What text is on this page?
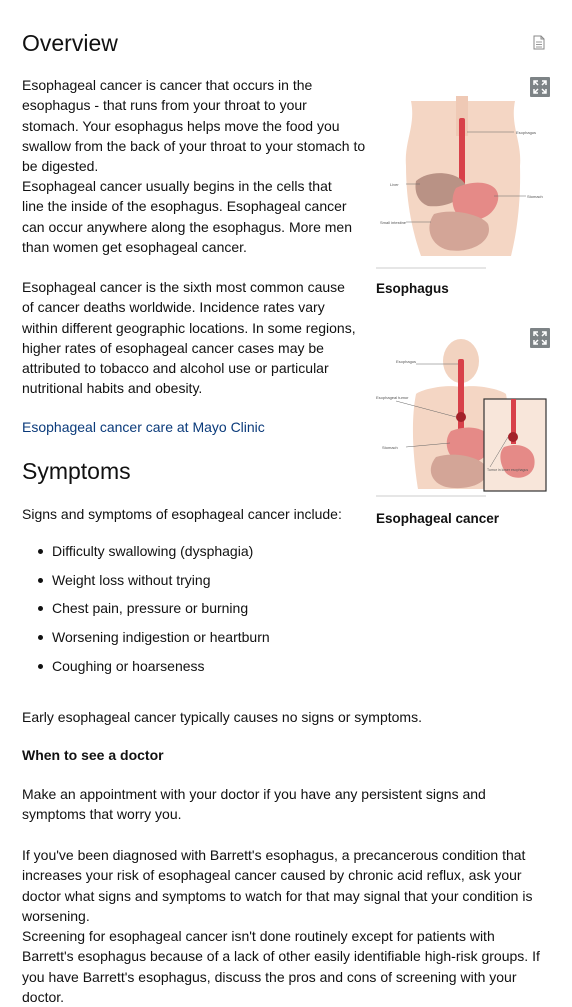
Overview

Esophageal cancer is cancer that occurs in the esophagus - that runs from your throat to your stomach. Your esophagus helps move the food you swallow from the back of your throat to your stomach to be digested.

Esophageal cancer usually begins in the cells that line the inside of the esophagus. Esophageal cancer can occur anywhere along the esophagus. More men than women get esophageal cancer.

Esophageal cancer is the sixth most common cause of cancer deaths worldwide. Incidence rates vary within different geographic locations. In some regions, higher rates of esophageal cancer cases may be attributed to tobacco and alcohol use or particular nutritional habits and obesity.

Esophageal cancer care at Mayo Clinic
Symptoms

Signs and symptoms of esophageal cancer include:

Difficulty swallowing (dysphagia)
Weight loss without trying
Chest pain, pressure or burning
Worsening indigestion or heartburn
Coughing or hoarseness

Early esophageal cancer typically causes no signs or symptoms.

When to see a doctor

Make an appointment with your doctor if you have any persistent signs and symptoms that worry you.

If you've been diagnosed with Barrett's esophagus, a precancerous condition that increases your risk of esophageal cancer caused by chronic acid reflux, ask your doctor what signs and symptoms to watch for that may signal that your condition is worsening.

Screening for esophageal cancer isn't done routinely except for patients with Barrett's esophagus because of a lack of other easily identifiable high-risk groups. If you have Barrett's esophagus, discuss the pros and cons of screening with your doctor.

Esophagus
Liver
Stomach
Small intestine
Esophagus
Esophagus
Esophageal tumor
Stomach
Tumor in lower esophagus
Esophageal cancer
